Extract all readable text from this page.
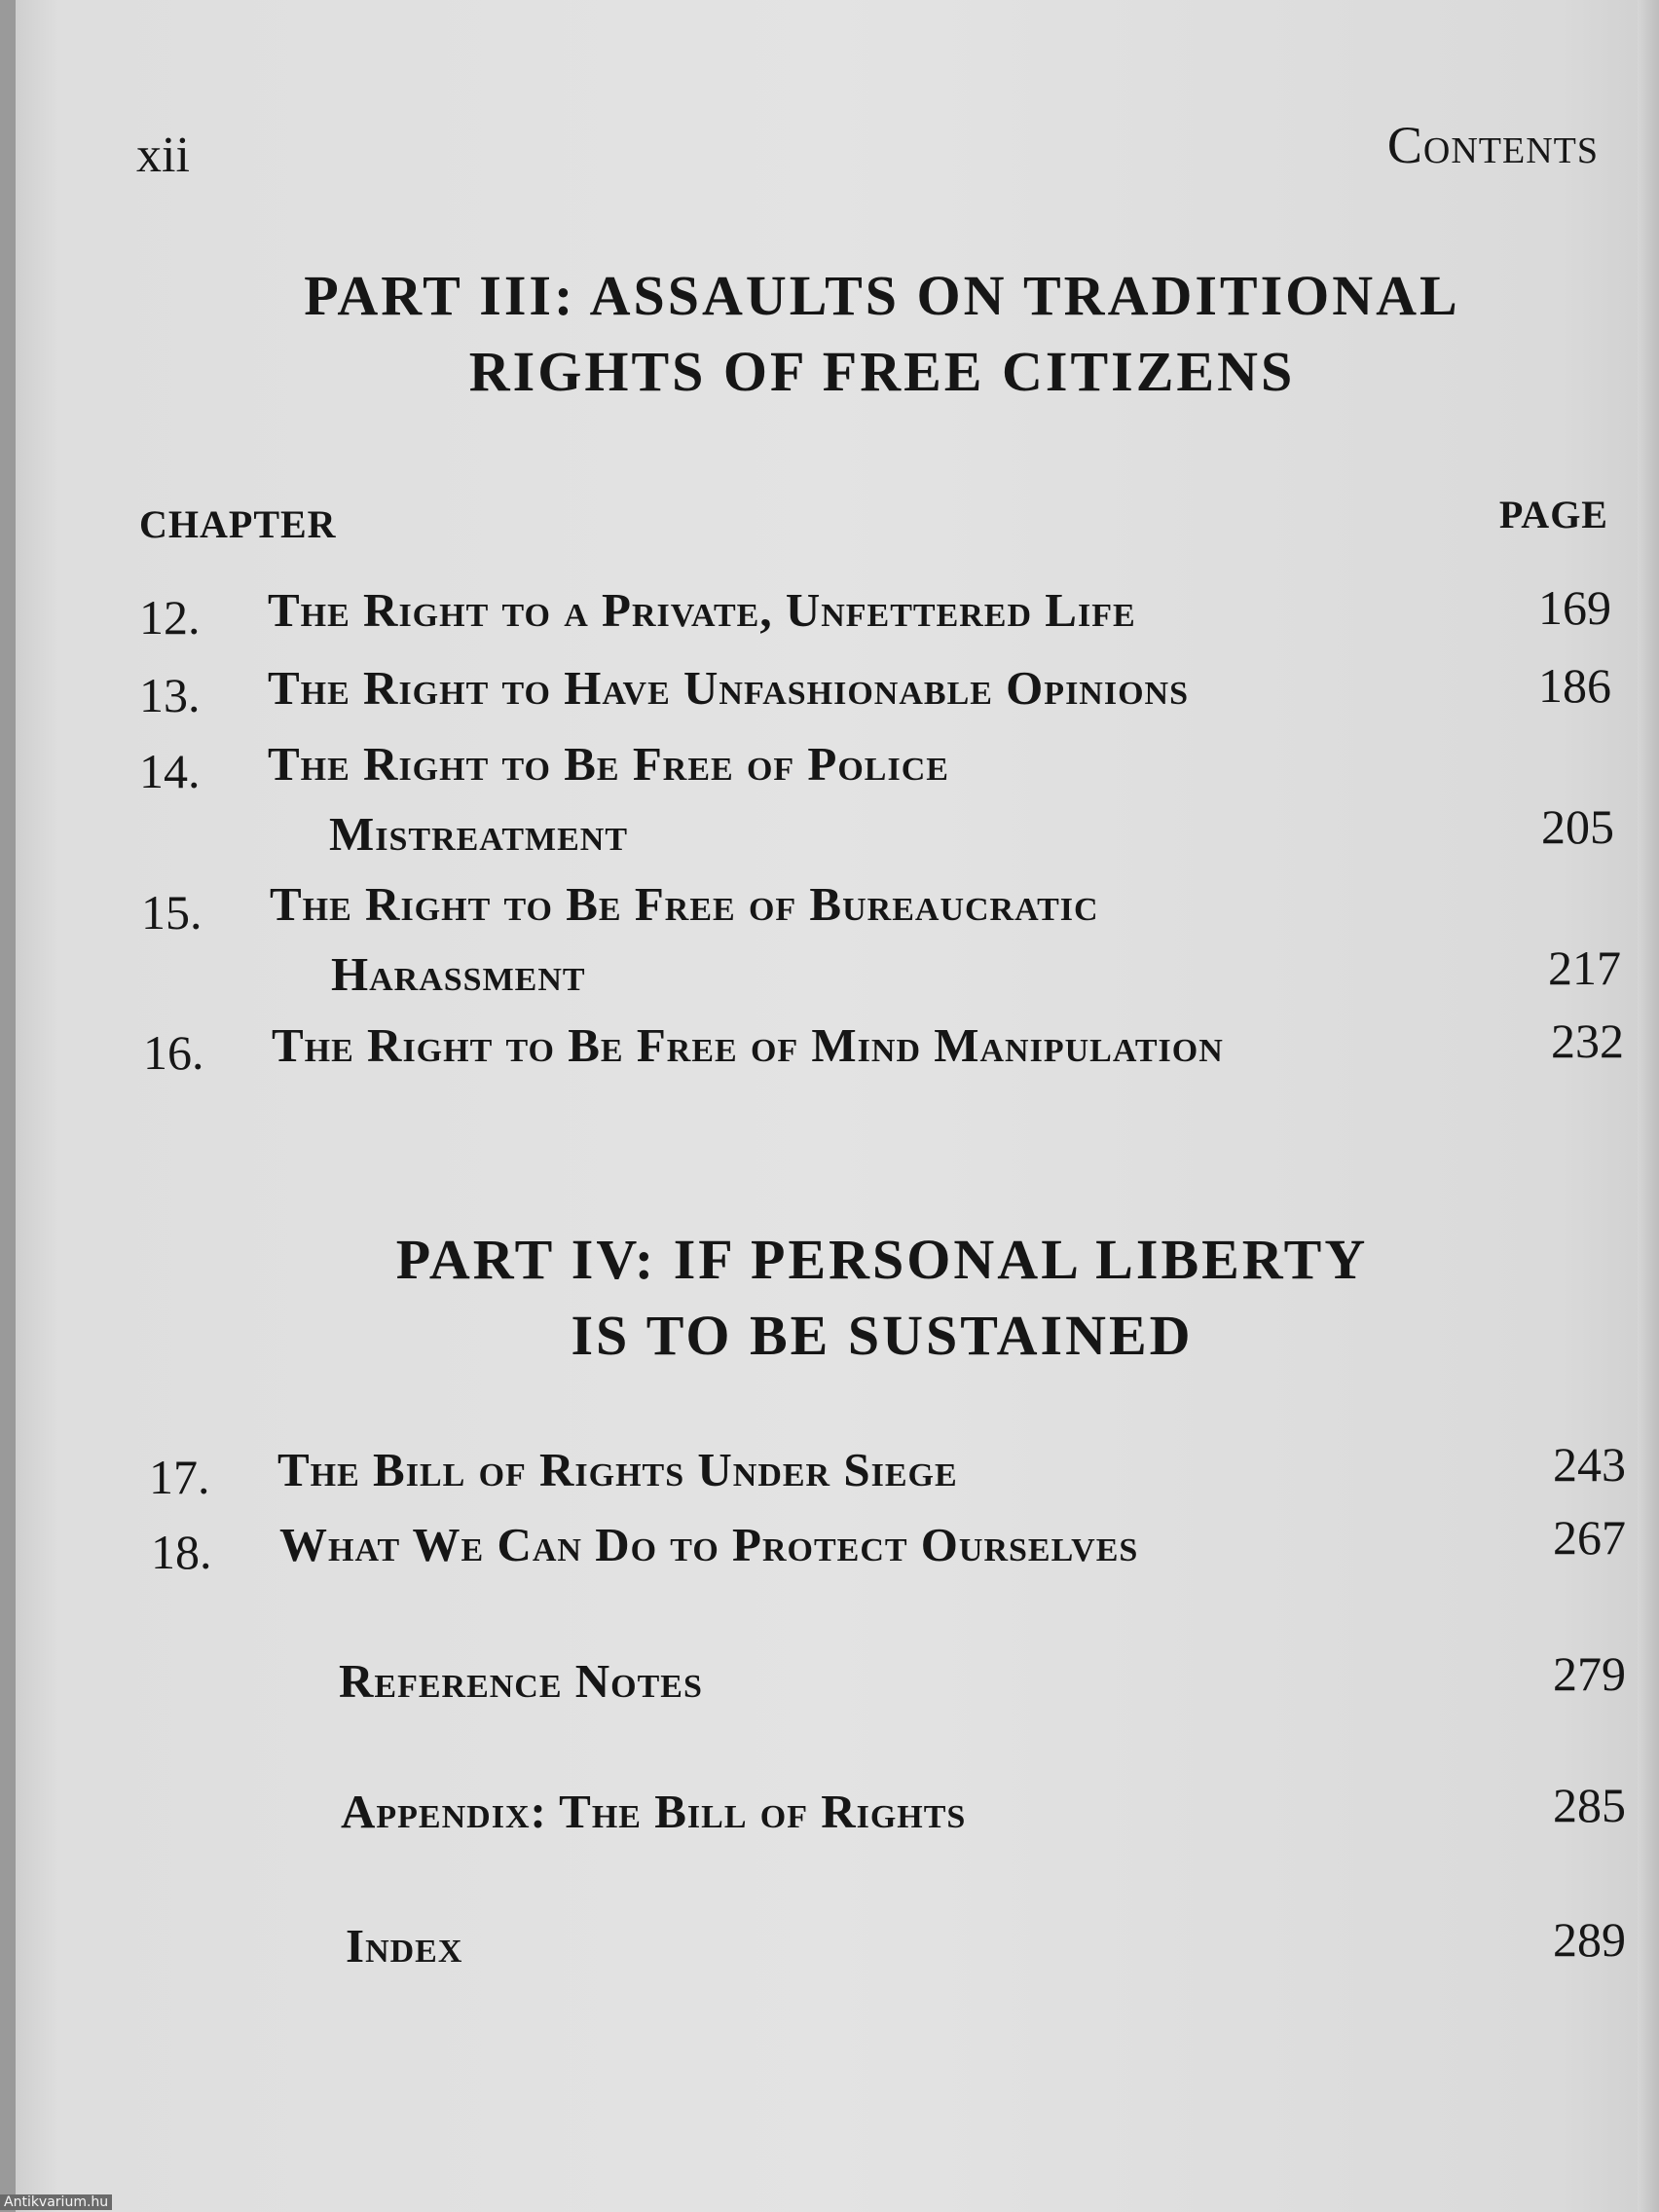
xii	Contents
PART III: ASSAULTS ON TRADITIONAL
RIGHTS OF FREE CITIZENS
CHAPTER	PAGE
12. The Right to a Private, Unfettered Life	169
13. The Right to Have Unfashionable Opinions	186
14. The Right to Be Free of Police
Mistreatment	205
15. The Right to Be Free of Bureaucratic
Harassment	217
16. The Right to Be Free of Mind Manipulation	232
PART IV: IF PERSONAL LIBERTY
IS TO BE SUSTAINED
17. The Bill of Rights Under Siege	243
18. What We Can Do to Protect Ourselves	267
Reference Notes	279
Appendix: The Bill of Rights	285
Index	289
Antikvarium.hu
